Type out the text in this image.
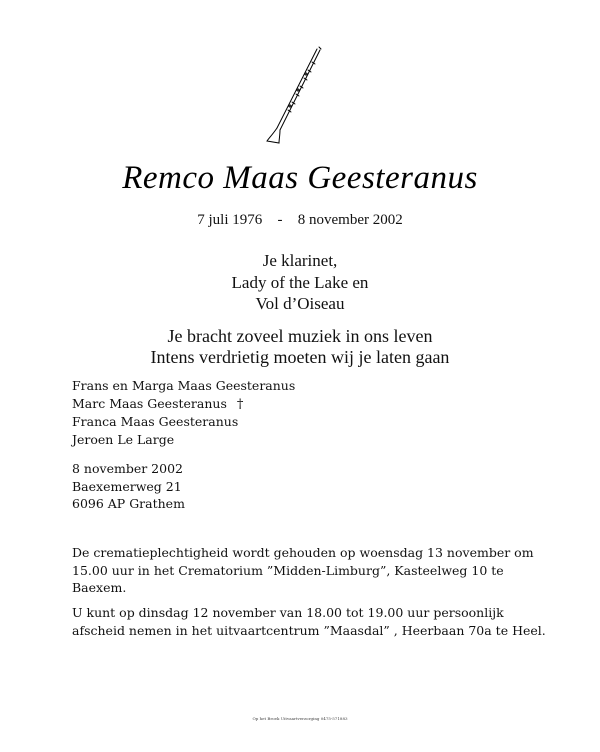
Remco Maas Geesteranus
7 juli 1976 - 8 november 2002
Je klarinet,
Lady of the Lake en
Vol d’Oiseau
Je bracht zoveel muziek in ons leven
Intens verdrietig moeten wij je laten gaan
Frans en Marga Maas Geesteranus
Marc Maas Geesteranus †
Franca Maas Geesteranus
Jeroen Le Large
8 november 2002
Baexemerweg 21
6096 AP Grathem
De crematieplechtigheid wordt gehouden op woensdag 13 november om 15.00 uur in het Crematorium ”Midden-Limburg”, Kasteelweg 10 te Baexem.
U kunt op dinsdag 12 november van 18.00 tot 19.00 uur persoonlijk afscheid nemen in het uitvaartcentrum ”Maasdal” , Heerbaan 70a te Heel.
Op het Broek Uitvaartverzorging 0475-571883
